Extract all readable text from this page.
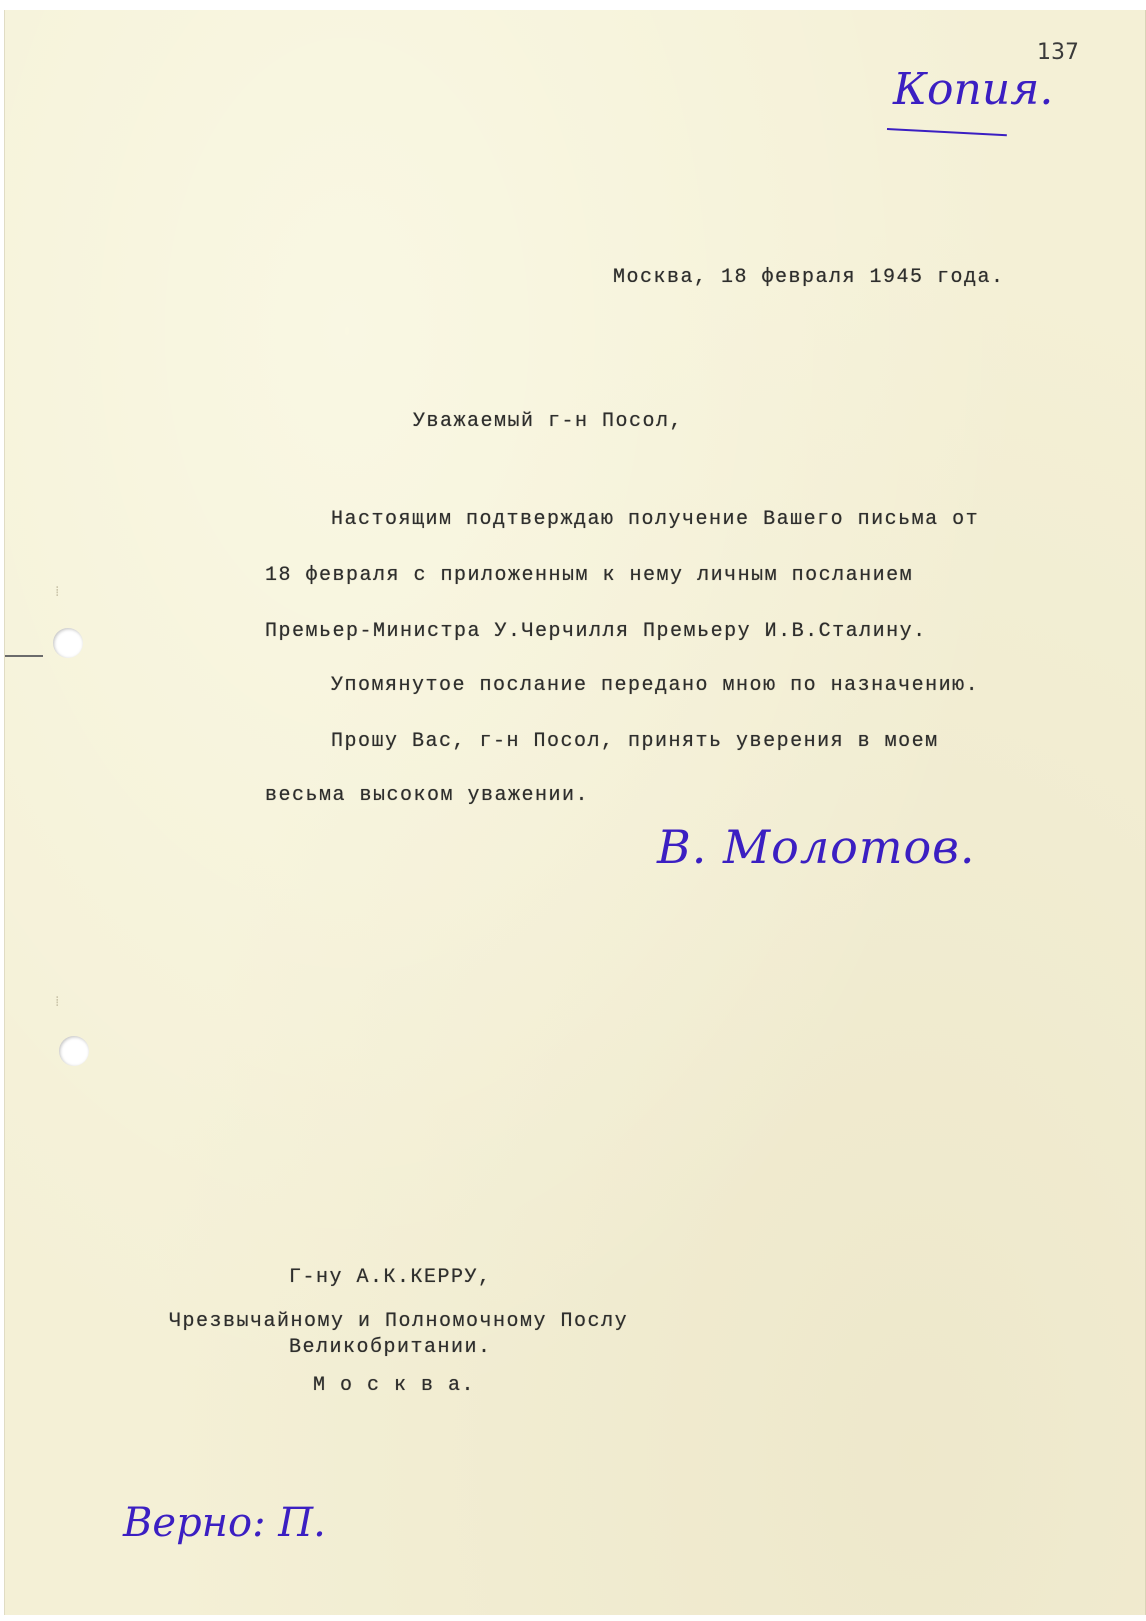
137
Копия.
Москва, 18 февраля 1945 года.
Уважаемый г-н Посол,
Настоящим подтверждаю получение Вашего письма от
18 февраля с приложенным к нему личным посланием
Премьер-Министра У.Черчилля Премьеру И.В.Сталину.
Упомянутое послание передано мною по назначению.
Прошу Вас, г-н Посол, принять уверения в моем
весьма высоком уважении.
В. Молотов.
Г-ну А.К.КЕРРУ,
Чрезвычайному и Полномочному Послу
Великобритании.
М о с к в а.
Верно: П.
⁞
⁞
